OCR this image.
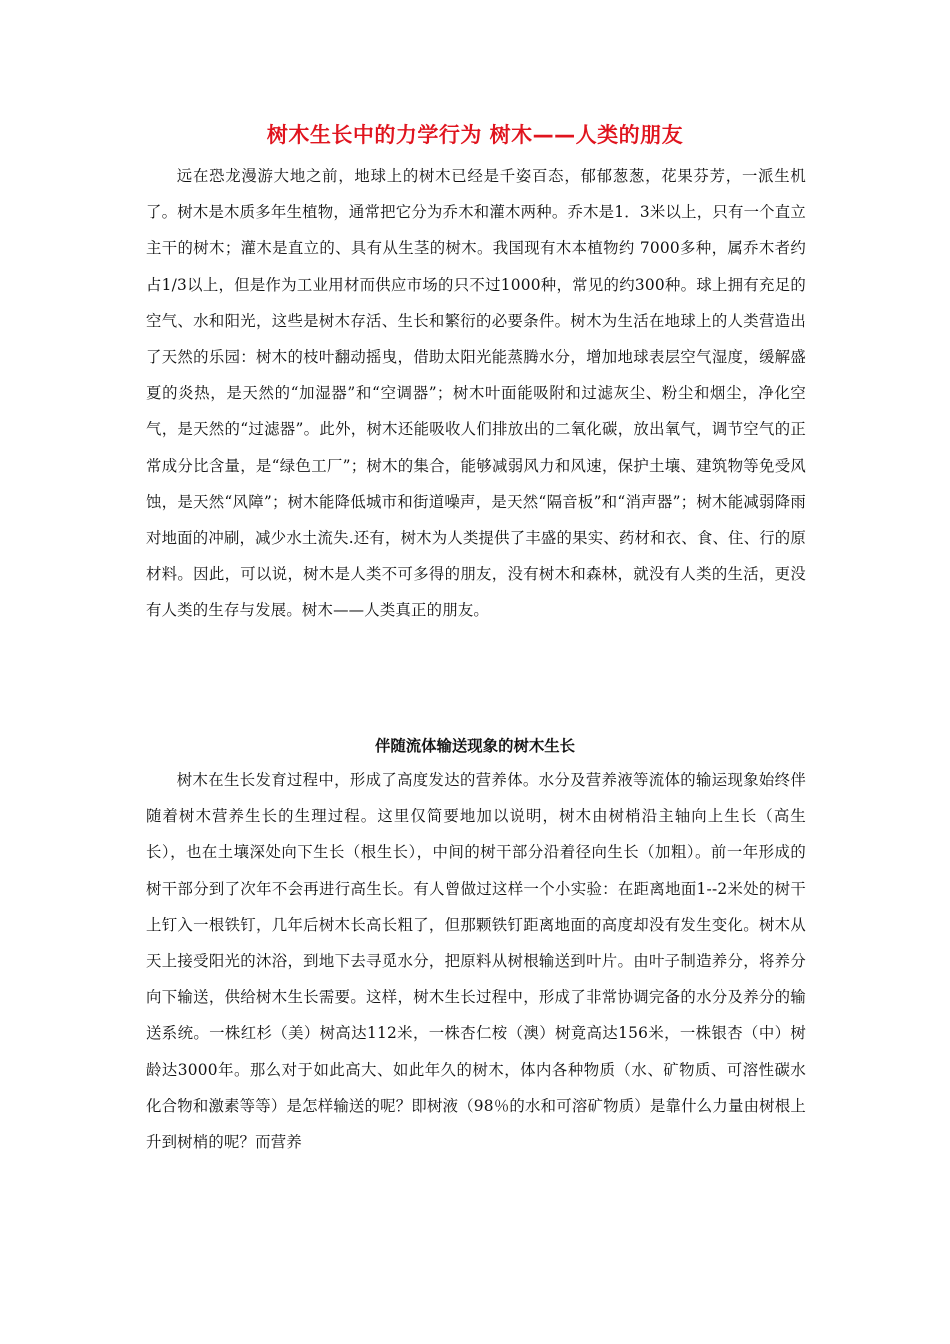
树木生长中的力学行为 树木——人类的朋友

远在恐龙漫游大地之前，地球上的树木已经是千姿百态，郁郁葱葱，花果芬芳，一派生机了。树木是木质多年生植物，通常把它分为乔木和灌木两种。乔木是1．3米以上，只有一个直立主干的树木；灌木是直立的、具有从生茎的树木。我国现有木本植物约 7000多种，属乔木者约占1/3以上，但是作为工业用材而供应市场的只不过1000种，常见的约300种。球上拥有充足的空气、水和阳光，这些是树木存活、生长和繁衍的必要条件。树木为生活在地球上的人类营造出了天然的乐园：树木的枝叶翻动摇曳，借助太阳光能蒸腾水分，增加地球表层空气湿度，缓解盛夏的炎热，是天然的“加湿器”和“空调器”；树木叶面能吸附和过滤灰尘、粉尘和烟尘，净化空气，是天然的“过滤器”。此外，树木还能吸收人们排放出的二氧化碳，放出氧气，调节空气的正常成分比含量，是“绿色工厂”；树木的集合，能够减弱风力和风速，保护土壤、建筑物等免受风蚀，是天然“风障”；树木能降低城市和街道噪声，是天然“隔音板”和“消声器”；树木能减弱降雨对地面的冲刷，减少水土流失.还有，树木为人类提供了丰盛的果实、药材和衣、食、住、行的原材料。因此，可以说，树木是人类不可多得的朋友，没有树木和森林，就没有人类的生活，更没有人类的生存与发展。树木——人类真正的朋友。

伴随流体输送现象的树木生长

树木在生长发育过程中，形成了高度发达的营养体。水分及营养液等流体的输运现象始终伴随着树木营养生长的生理过程。这里仅简要地加以说明，树木由树梢沿主轴向上生长（高生长），也在土壤深处向下生长（根生长），中间的树干部分沿着径向生长（加粗）。前一年形成的树干部分到了次年不会再进行高生长。有人曾做过这样一个小实验：在距离地面1--2米处的树干上钉入一根铁钉，几年后树木长高长粗了，但那颗铁钉距离地面的高度却没有发生变化。树木从天上接受阳光的沐浴，到地下去寻觅水分，把原料从树根输送到叶片。由叶子制造养分，将养分向下输送，供给树木生长需要。这样，树木生长过程中，形成了非常协调完备的水分及养分的输送系统。一株红杉（美）树高达112米，一株杏仁桉（澳）树竟高达156米，一株银杏（中）树龄达3000年。那么对于如此高大、如此年久的树木，体内各种物质（水、矿物质、可溶性碳水化合物和激素等等）是怎样输送的呢？即树液（98％的水和可溶矿物质）是靠什么力量由树根上升到树梢的呢？而营养
